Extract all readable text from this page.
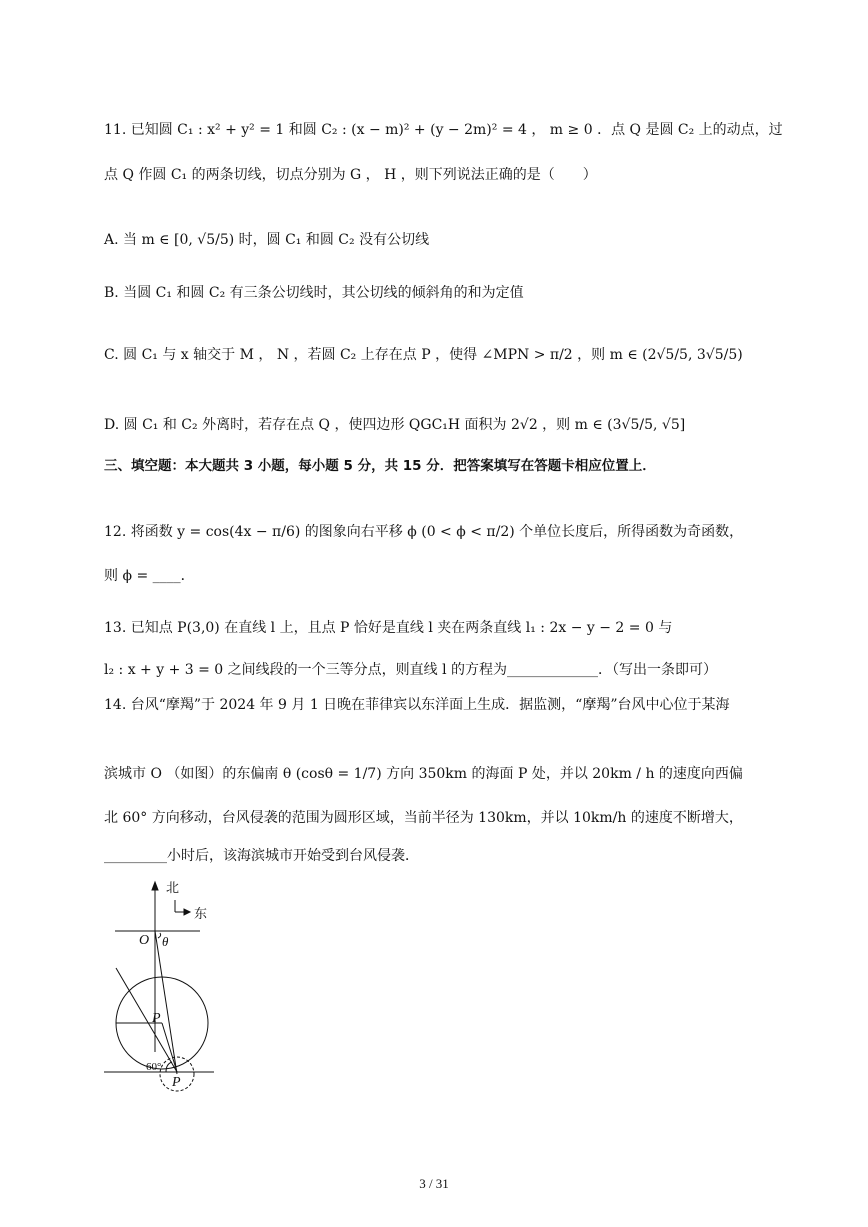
11. 已知圆 C₁ : x² + y² = 1 和圆 C₂ : (x − m)² + (y − 2m)² = 4 ， m ≥ 0 ．点 Q 是圆 C₂ 上的动点，过
点 Q 作圆 C₁ 的两条切线，切点分别为 G ， H ，则下列说法正确的是（　　）
A. 当 m ∈ [0, √5/5) 时，圆 C₁ 和圆 C₂ 没有公切线
B. 当圆 C₁ 和圆 C₂ 有三条公切线时，其公切线的倾斜角的和为定值
C. 圆 C₁ 与 x 轴交于 M ， N ，若圆 C₂ 上存在点 P ，使得 ∠MPN > π/2 ，则 m ∈ (2√5/5, 3√5/5)
D. 圆 C₁ 和 C₂ 外离时，若存在点 Q ，使四边形 QGC₁H 面积为 2√2 ，则 m ∈ (3√5/5, √5]
三、填空题：本大题共 3 小题，每小题 5 分，共 15 分．把答案填写在答题卡相应位置上．
12. 将函数 y = cos(4x − π/6) 的图象向右平移 ϕ (0 < ϕ < π/2) 个单位长度后，所得函数为奇函数，
则 ϕ = ____．
13. 已知点 P(3,0) 在直线 l 上，且点 P 恰好是直线 l 夹在两条直线 l₁ : 2x − y − 2 = 0 与
l₂ : x + y + 3 = 0 之间线段的一个三等分点，则直线 l 的方程为_____________．（写出一条即可）
14. 台风“摩羯”于 2024 年 9 月 1 日晚在菲律宾以东洋面上生成．据监测，“摩羯”台风中心位于某海
滨城市 O （如图）的东偏南 θ (cosθ = 1/7) 方向 350km 的海面 P 处，并以 20km / h 的速度向西偏
北 60° 方向移动，台风侵袭的范围为圆形区域，当前半径为 130km，并以 10km/h 的速度不断增大，
_________小时后，该海滨城市开始受到台风侵袭．
北
东
O θ
P
60°
P
3 / 31
